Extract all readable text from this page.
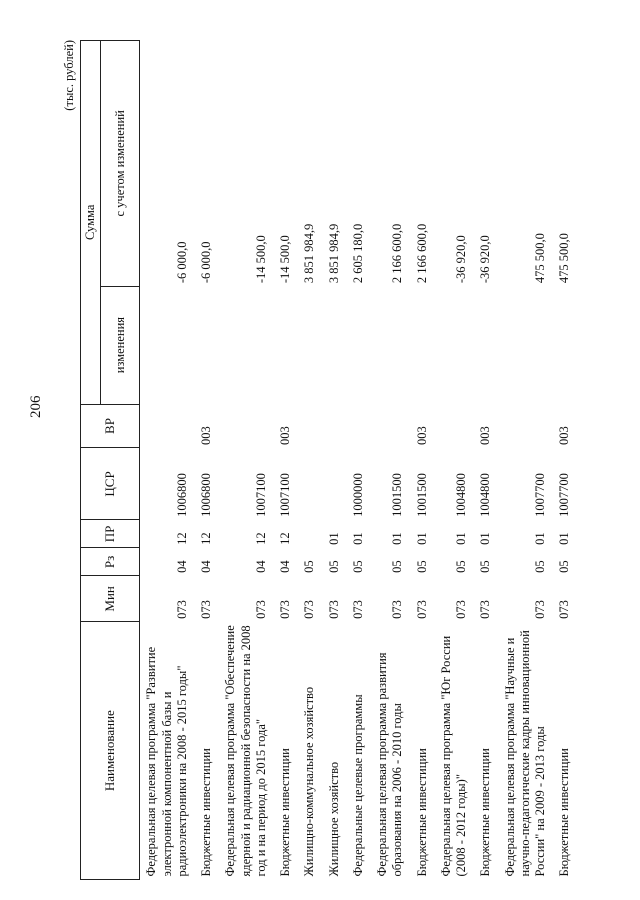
206
(тыс. рублей)
Наименование	Мин	Рз	ПР	ЦСР	ВР	Сумма	
						изменения	с учетом изменений
Федеральная целевая программа "Развитие электронной компонентной базы и радиоэлектроники на 2008 - 2015 годы"	073	04	12	1006800			-6 000,0
Бюджетные инвестиции	073	04	12	1006800	003		-6 000,0
Федеральная целевая программа "Обеспечение ядерной и радиационной безопасности на 2008 год и на период до 2015 года"	073	04	12	1007100			-14 500,0
Бюджетные инвестиции	073	04	12	1007100	003		-14 500,0
Жилищно-коммунальное хозяйство	073	05					3 851 984,9
Жилищное хозяйство	073	05	01				3 851 984,9
Федеральные целевые программы	073	05	01	1000000			2 605 180,0
Федеральная целевая программа развития образования на 2006 - 2010 годы	073	05	01	1001500			2 166 600,0
Бюджетные инвестиции	073	05	01	1001500	003		2 166 600,0
Федеральная целевая программа "Юг России (2008 - 2012 годы)"	073	05	01	1004800			-36 920,0
Бюджетные инвестиции	073	05	01	1004800	003		-36 920,0
Федеральная целевая программа "Научные и научно-педагогические кадры инновационной России" на 2009 - 2013 годы	073	05	01	1007700			475 500,0
Бюджетные инвестиции	073	05	01	1007700	003		475 500,0
